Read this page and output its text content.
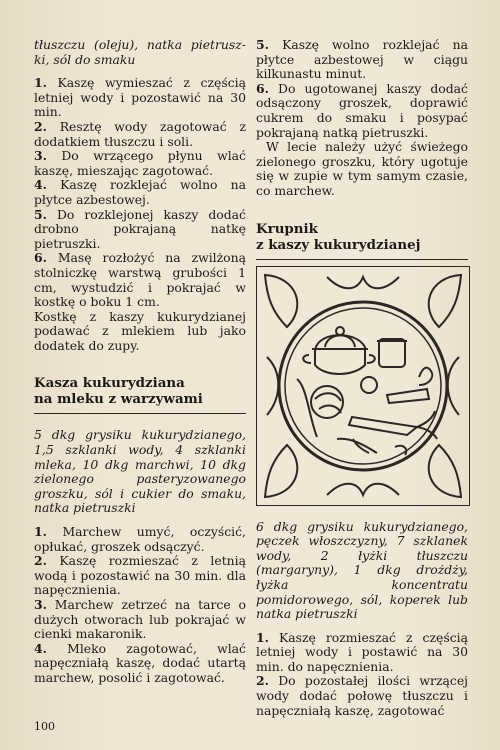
tłuszczu (oleju), natka pietrusz-ki, sól do smaku

1. Kaszę wymieszać z częścią letniej wody i pozostawić na 30 min.

2. Resztę wody zagotować z dodatkiem tłuszczu i soli.

3. Do wrzącego płynu wlać kaszę, mieszając zagotować.

4. Kaszę rozklejać wolno na płytce azbestowej.

5. Do rozklejonej kaszy dodać drobno pokrajaną natkę pietruszki.

6. Masę rozłożyć na zwilżoną stolniczkę warstwą grubości 1 cm, wystudzić i pokrajać w kostkę o boku 1 cm.

Kostkę z kaszy kukurydzianej podawać z mlekiem lub jako dodatek do zupy.

Kasza kukurydziana
na mleku z warzywami

5 dkg grysiku kukurydzianego, 1,5 szklanki wody, 4 szklanki mleka, 10 dkg marchwi, 10 dkg zielonego pasteryzowanego groszku, sól i cukier do smaku, natka pietruszki

1. Marchew umyć, oczyścić, opłukać, groszek odsączyć.

2. Kaszę rozmieszać z letnią wodą i pozostawić na 30 min. dla napęcznienia.

3. Marchew zetrzeć na tarce o dużych otworach lub pokrajać w cienki makaronik.

4. Mleko zagotować, wlać napęczniałą kaszę, dodać utartą marchew, posolić i zagotować.

5. Kaszę wolno rozklejać na płytce azbestowej w ciągu kilkunastu minut.

6. Do ugotowanej kaszy dodać odsączony groszek, doprawić cukrem do smaku i posypać pokrajaną natką pietruszki.

W lecie należy użyć świeżego zielonego groszku, który ugotuje się w zupie w tym samym czasie, co marchew.

Krupnik
z kaszy kukurydzianej

6 dkg grysiku kukurydzianego, pęczek włoszczyzny, 7 szklanek wody, 2 łyżki tłuszczu (margaryny), 1 dkg drożdży, łyżka koncentratu pomidorowego, sól, koperek lub natka pietruszki

1. Kaszę rozmieszać z częścią letniej wody i postawić na 30 min. do napęcznienia.

2. Do pozostałej ilości wrzącej wody dodać połowę tłuszczu i napęczniałą kaszę, zagotować

100
